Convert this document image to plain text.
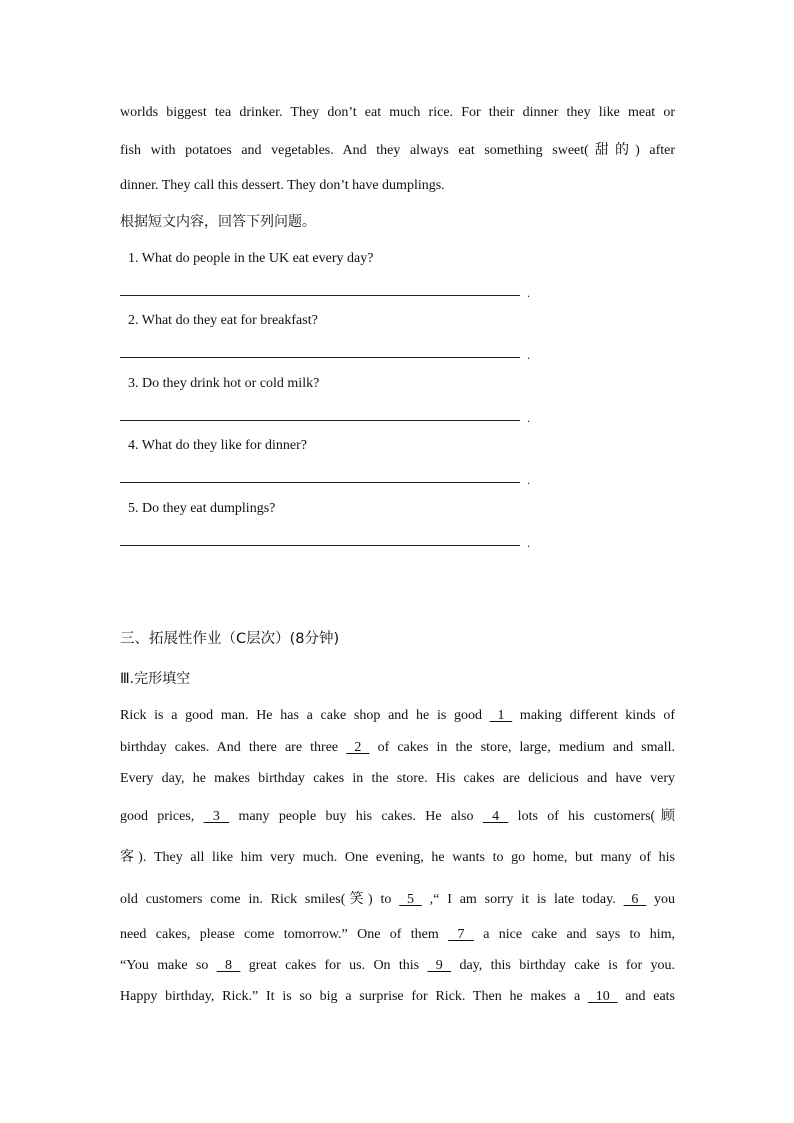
worlds biggest tea drinker. They don’t eat much rice. For their dinner they like meat or
fish with potatoes and vegetables. And they always eat something sweet(甜的) after
dinner. They call this dessert. They don’t have dumplings.
根据短文内容，回答下列问题。
1. What do people in the UK eat every day?
.
2. What do they eat for breakfast?
.
3. Do they drink hot or cold milk?
.
4. What do they like for dinner?
.
5. Do they eat dumplings?
.
三、拓展性作业（C层次）(8分钟)
Ⅲ.完形填空
Rick is a good man. He has a cake shop and he is good  1  making different kinds of
birthday cakes. And there are three  2  of cakes in the store, large, medium and small.
Every day, he makes birthday cakes in the store. His cakes are delicious and have very
good prices,  3  many people buy his cakes. He also  4  lots of his customers(顾
客). They all like him very much. One evening, he wants to go home, but many of his
old customers come in. Rick smiles(笑) to  5  ,“ I am sorry it is late today.  6  you
need cakes, please come tomorrow.” One of them  7  a nice cake and says to him,
“You make so  8  great cakes for us. On this  9  day, this birthday cake is for you.
Happy birthday, Rick.” It is so big a surprise for Rick. Then he makes a  10  and eats
